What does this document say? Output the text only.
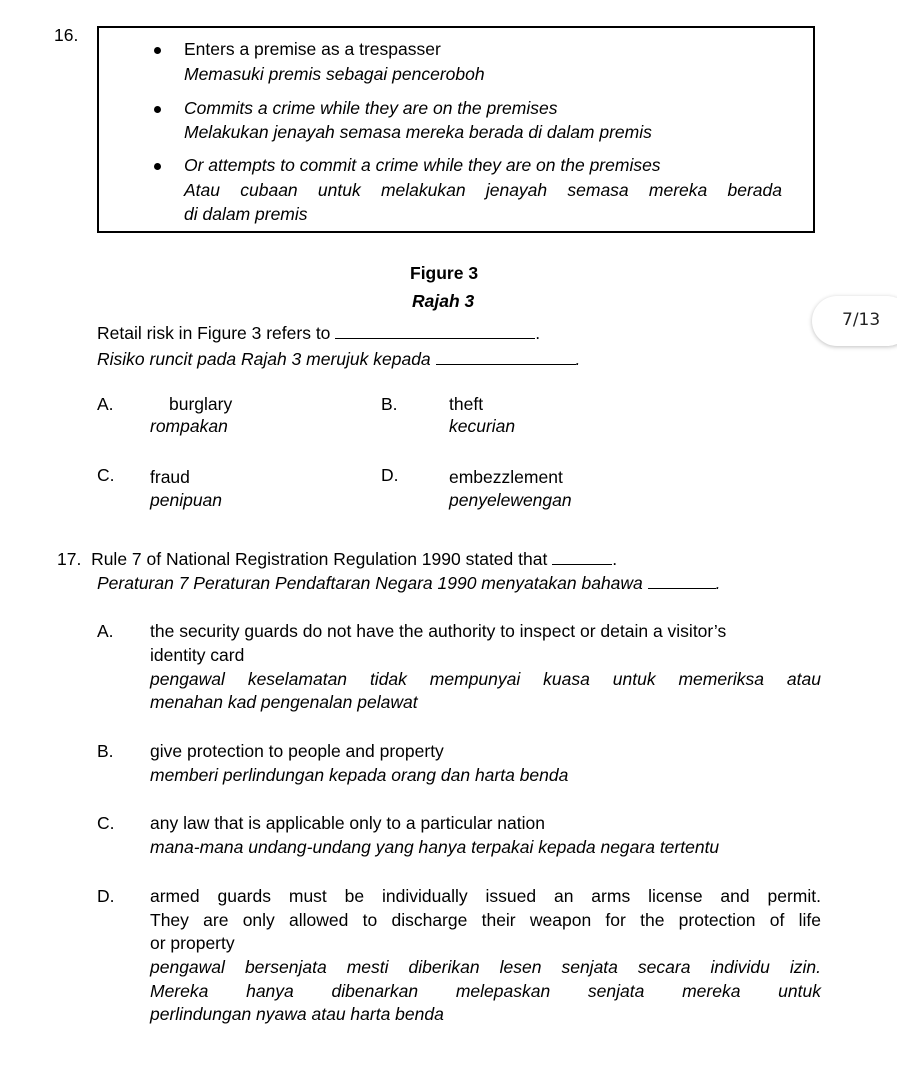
16.
Enters a premise as a trespasser
Memasuki premis sebagai penceroboh
Commits a crime while they are on the premises
Melakukan jenayah semasa mereka berada di dalam premis
Or attempts to commit a crime while they are on the premises
Atau cubaan untuk melakukan jenayah semasa mereka berada
di dalam premis
Figure 3
Rajah 3
Retail risk in Figure 3 refers to	.
Risiko runcit pada Rajah 3 merujuk kepada	.
A.	burglary
rompakan
B.	theft
kecurian
C. fraud
penipuan
D.	embezzlement
penyelewengan
7/13
17. Rule 7 of National Registration Regulation 1990 stated that	.
Peraturan 7 Peraturan Pendaftaran Negara 1990 menyatakan bahawa	.
A. the security guards do not have the authority to inspect or detain a visitor’s
identity card
pengawal keselamatan tidak mempunyai kuasa untuk memeriksa atau
menahan kad pengenalan pelawat
B. give protection to people and property
memberi perlindungan kepada orang dan harta benda
C. any law that is applicable only to a particular nation
mana-mana undang-undang yang hanya terpakai kepada negara tertentu
D. armed guards must be individually issued an arms license and permit.
They are only allowed to discharge their weapon for the protection of life
or property
pengawal bersenjata mesti diberikan lesen senjata secara individu izin.
Mereka hanya dibenarkan melepaskan senjata mereka untuk
perlindungan nyawa atau harta benda
